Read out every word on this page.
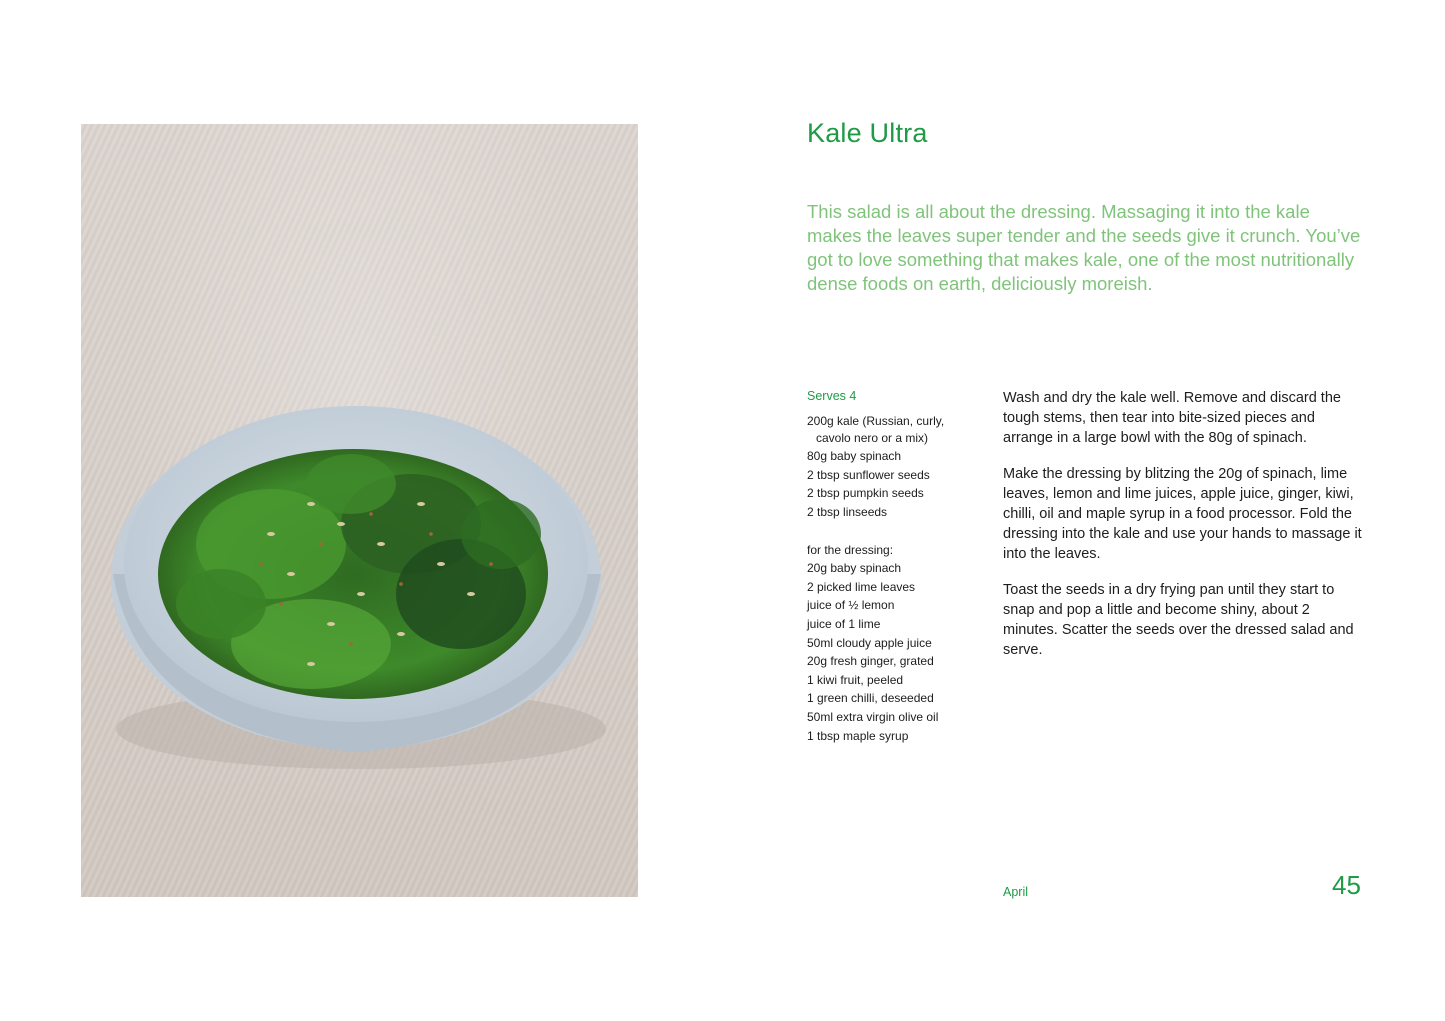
Kale Ultra
This salad is all about the dressing. Massaging it into the kale makes the leaves super tender and the seeds give it crunch. You’ve got to love something that makes kale, one of the most nutritionally dense foods on earth, deliciously moreish.
Serves 4
200g kale (Russian, curly,
cavolo nero or a mix)
80g baby spinach
2 tbsp sunflower seeds
2 tbsp pumpkin seeds
2 tbsp linseeds
for the dressing:
20g baby spinach
2 picked lime leaves
juice of ½ lemon
juice of 1 lime
50ml cloudy apple juice
20g fresh ginger, grated
1 kiwi fruit, peeled
1 green chilli, deseeded
50ml extra virgin olive oil
1 tbsp maple syrup

Wash and dry the kale well. Remove and discard the tough stems, then tear into bite-sized pieces and arrange in a large bowl with the 80g of spinach.

Make the dressing by blitzing the 20g of spinach, lime leaves, lemon and lime juices, apple juice, ginger, kiwi, chilli, oil and maple syrup in a food processor. Fold the dressing into the kale and use your hands to massage it into the leaves.

Toast the seeds in a dry frying pan until they start to snap and pop a little and become shiny, about 2 minutes. Scatter the seeds over the dressed salad and serve.

April	45
